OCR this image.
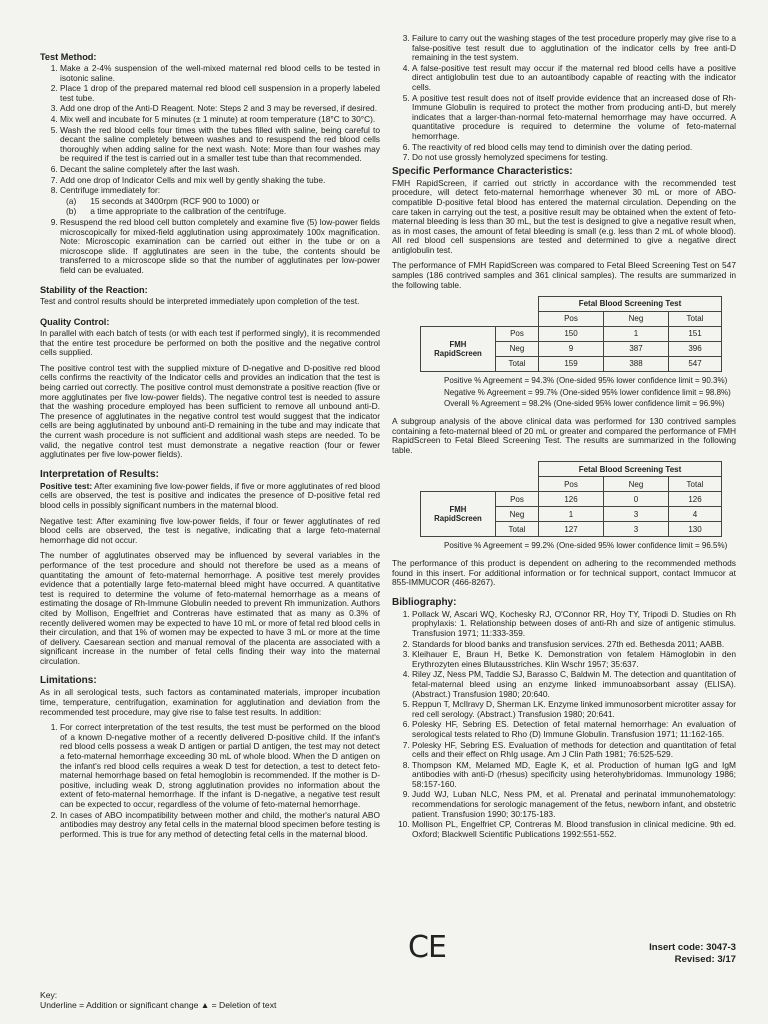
Test Method:
1. Make a 2-4% suspension of the well-mixed maternal red blood cells to be tested in isotonic saline.
2. Place 1 drop of the prepared maternal red blood cell suspension in a properly labeled test tube.
3. Add one drop of the Anti-D Reagent. Note: Steps 2 and 3 may be reversed, if desired.
4. Mix well and incubate for 5 minutes (± 1 minute) at room temperature (18°C to 30°C).
5. Wash the red blood cells four times with the tubes filled with saline, being careful to decant the saline completely between washes and to resuspend the red blood cells thoroughly when adding saline for the next wash. Note: More than four washes may be required if the test is carried out in a smaller test tube than that recommended.
6. Decant the saline completely after the last wash.
7. Add one drop of Indicator Cells and mix well by gently shaking the tube.
8. Centrifuge immediately for:
(a) 15 seconds at 3400rpm (RCF 900 to 1000) or
(b) a time appropriate to the calibration of the centrifuge.
9. Resuspend the red blood cell button completely and examine five (5) low-power fields microscopically for mixed-field agglutination using approximately 100x magnification. Note: Microscopic examination can be carried out either in the tube or on a microscope slide. If agglutinates are seen in the tube, the contents should be transferred to a microscope slide so that the number of agglutinates per low-power field can be evaluated.
Stability of the Reaction:

Test and control results should be interpreted immediately upon completion of the test.

Quality Control:

In parallel with each batch of tests (or with each test if performed singly), it is recommended that the entire test procedure be performed on both the positive and the negative control cells supplied.

The positive control test with the supplied mixture of D-negative and D-positive red blood cells confirms the reactivity of the Indicator cells and provides an indication that the test is being carried out correctly. The positive control must demonstrate a positive reaction (five or more agglutinates per five low-power fields). The negative control test is needed to assure that the washing procedure employed has been sufficient to remove all unbound anti-D. The presence of agglutinates in the negative control test would suggest that the indicator cells are being agglutinated by unbound anti-D remaining in the tube and may indicate that the current wash procedure is not sufficient and additional wash steps are needed. To be valid, the negative control test must demonstrate a negative reaction (four or fewer agglutinates per five low-power fields).

Interpretation of Results:

Positive test: After examining five low-power fields, if five or more agglutinates of red blood cells are observed, the test is positive and indicates the presence of D-positive fetal red blood cells in possibly significant numbers in the maternal blood.

Negative test: After examining five low-power fields, if four or fewer agglutinates of red blood cells are observed, the test is negative, indicating that a large feto-maternal hemorrhage did not occur.

The number of agglutinates observed may be influenced by several variables in the performance of the test procedure and should not therefore be used as a means of quantitating the amount of feto-maternal hemorrhage. A positive test merely provides evidence that a potentially large feto-maternal bleed might have occurred. A quantitative test is required to determine the volume of feto-maternal hemorrhage as a means of estimating the dosage of Rh-Immune Globulin needed to prevent Rh immunization. Authors cited by Mollison, Engelfriet and Contreras have estimated that as many as 0.3% of recently delivered women may be expected to have 10 mL or more of fetal red blood cells in their circulation, and that 1% of women may be expected to have 3 mL or more at the time of delivery. Caesarean section and manual removal of the placenta are associated with a significant increase in the number of fetal cells finding their way into the maternal circulation.

Limitations:

As in all serological tests, such factors as contaminated materials, improper incubation time, temperature, centrifugation, examination for agglutination and deviation from the recommended test procedure, may give rise to false test results. In addition:

1. For correct interpretation of the test results, the test must be performed on the blood of a known D-negative mother of a recently delivered D-positive child. If the infant's red blood cells possess a weak D antigen or partial D antigen, the test may not detect a feto-maternal hemorrhage exceeding 30 mL of whole blood. When the D antigen on the infant's red blood cells requires a weak D test for detection, a test to detect feto-maternal hemorrhage based on fetal hemoglobin is recommended. If the mother is D-positive, including weak D, strong agglutination provides no information about the extent of feto-maternal hemorrhage. If the infant is D-negative, a negative test result can be expected to occur, regardless of the volume of feto-maternal hemorrhage.
2. In cases of ABO incompatibility between mother and child, the mother's natural ABO antibodies may destroy any fetal cells in the maternal blood specimen before testing is performed. This is true for any method of detecting fetal cells in the maternal blood.
3. Failure to carry out the washing stages of the test procedure properly may give rise to a false-positive test result due to agglutination of the indicator cells by free anti-D remaining in the test system.
4. A false-positive test result may occur if the maternal red blood cells have a positive direct antiglobulin test due to an autoantibody capable of reacting with the indicator cells.
5. A positive test result does not of itself provide evidence that an increased dose of Rh-Immune Globulin is required to protect the mother from producing anti-D, but merely indicates that a larger-than-normal feto-maternal hemorrhage may have occurred. A quantitative procedure is required to determine the volume of feto-maternal hemorrhage.
6. The reactivity of red blood cells may tend to diminish over the dating period.
7. Do not use grossly hemolyzed specimens for testing.
Specific Performance Characteristics:

FMH RapidScreen, if carried out strictly in accordance with the recommended test procedure, will detect feto-maternal hemorrhage whenever 30 mL or more of ABO-compatible D-positive fetal blood has entered the maternal circulation. Depending on the care taken in carrying out the test, a positive result may be obtained when the extent of feto-maternal bleeding is less than 30 mL, but the test is designed to give a negative result when, as in most cases, the amount of fetal bleeding is small (e.g. less than 2 mL of whole blood). All red blood cell suspensions are tested and determined to give a negative direct antiglobulin test.

The performance of FMH RapidScreen was compared to Fetal Bleed Screening Test on 547 samples (186 contrived samples and 361 clinical samples). The results are summarized in the following table.

		Fetal Blood Screening Test		
		Pos	Neg	Total
FMH RapidScreen	Pos	150	1	151
	Neg	9	387	396
	Total	159	388	547
Positive % Agreement = 94.3% (One-sided 95% lower confidence limit = 90.3%)
Negative % Agreement = 99.7% (One-sided 95% lower confidence limit = 98.8%)
Overall % Agreement = 98.2% (One-sided 95% lower confidence limit = 96.9%)

A subgroup analysis of the above clinical data was performed for 130 contrived samples containing a feto-maternal bleed of 20 mL or greater and compared the performance of FMH RapidScreen to Fetal Bleed Screening Test. The results are summarized in the following table.

		Fetal Blood Screening Test		
		Pos	Neg	Total
FMH RapidScreen	Pos	126	0	126
	Neg	1	3	4
	Total	127	3	130
Positive % Agreement = 99.2% (One-sided 95% lower confidence limit = 96.5%)

The performance of this product is dependent on adhering to the recommended methods found in this insert. For additional information or for technical support, contact Immucor at 855-IMMUCOR (466-8267).

Bibliography:
1. Pollack W, Ascari WQ, Kochesky RJ, O'Connor RR, Hoy TY, Tripodi D. Studies on Rh prophylaxis: 1. Relationship between doses of anti-Rh and size of antigenic stimulus. Transfusion 1971; 11:333-359.
2. Standards for blood banks and transfusion services. 27th ed. Bethesda 2011; AABB.
3. Kleihauer E, Braun H, Betke K. Demonstration von fetalem Hämoglobin in den Erythrozyten eines Blutausstriches. Klin Wschr 1957; 35:637.
4. Riley JZ, Ness PM, Taddie SJ, Barasso C, Baldwin M. The detection and quantitation of fetal-maternal bleed using an enzyme linked immunoabsorbant assay (ELISA). (Abstract.) Transfusion 1980; 20:640.
5. Reppun T, McIlravy D, Sherman LK. Enzyme linked immunosorbent microtiter assay for red cell serology. (Abstract.) Transfusion 1980; 20:641.
6. Polesky HF, Sebring ES. Detection of fetal maternal hemorrhage: An evaluation of serological tests related to Rho (D) Immune Globulin. Transfusion 1971; 11:162-165.
7. Polesky HF, Sebring ES. Evaluation of methods for detection and quantitation of fetal cells and their effect on RhIg usage. Am J Clin Path 1981; 76:525-529.
8. Thompson KM, Melamed MD, Eagle K, et al. Production of human IgG and IgM antibodies with anti-D (rhesus) specificity using heterohybridomas. Immunology 1986; 58:157-160.
9. Judd WJ, Luban NLC, Ness PM, et al. Prenatal and perinatal immunohematology: recommendations for serologic management of the fetus, newborn infant, and obstetric patient. Transfusion 1990; 30:175-183.
10. Mollison PL, Engelfriet CP, Contreras M. Blood transfusion in clinical medicine. 9th ed. Oxford; Blackwell Scientific Publications 1992:551-552.
CE	Insert code: 3047-3
Revised: 3/17
Key:
Underline = Addition or significant change ▲ = Deletion of text
